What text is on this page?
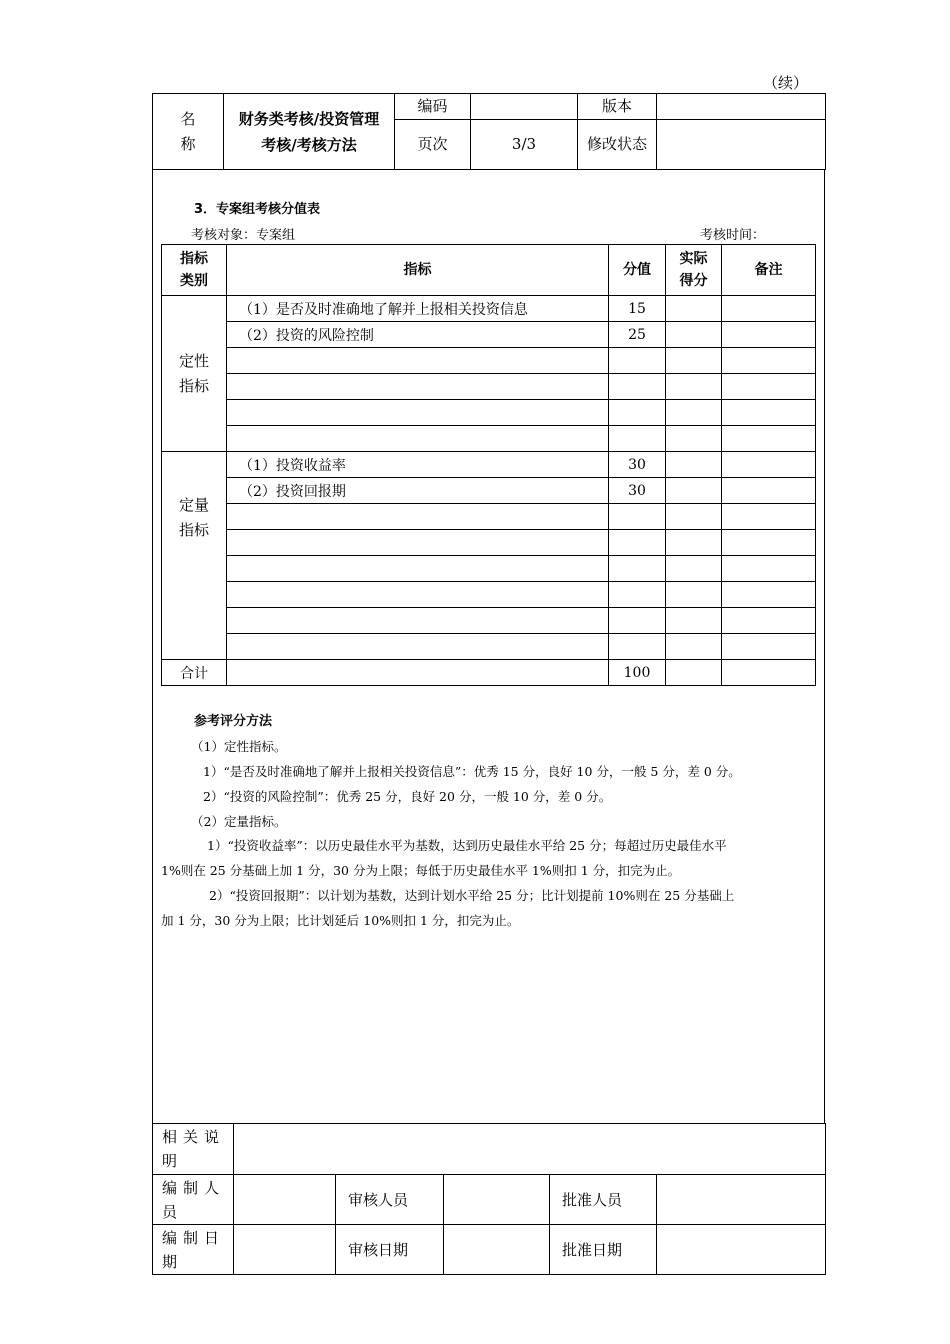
（续）
名称	财务类考核/投资管理考核/考核方法	编码		版本	
		页次	3/3	修改状态	

3．专案组考核分值表
考核对象：专案组	考核时间：
指标类别	指标	分值	实际得分	备注

定性指标	（1）是否及时准确地了解并上报相关投资信息	15		
	（2）投资的风险控制	25		

定量指标	（1）投资收益率	30		
	（2）投资回报期	30		

合计		100		
参考评分方法
（1）定性指标。
1）“是否及时准确地了解并上报相关投资信息”：优秀 15 分，良好 10 分，一般 5 分，差 0 分。
2）“投资的风险控制”：优秀 25 分，良好 20 分，一般 10 分，差 0 分。
（2）定量指标。
1）“投资收益率”：以历史最佳水平为基数，达到历史最佳水平给 25 分；每超过历史最佳水平
1%则在 25 分基础上加 1 分，30 分为上限；每低于历史最佳水平 1%则扣 1 分，扣完为止。
2）“投资回报期”：以计划为基数，达到计划水平给 25 分；比计划提前 10%则在 25 分基础上
加 1 分，30 分为上限；比计划延后 10%则扣 1 分，扣完为止。
相关说明					

编制人员		审核人员		批准人员	

编制日期		审核日期		批准日期	
